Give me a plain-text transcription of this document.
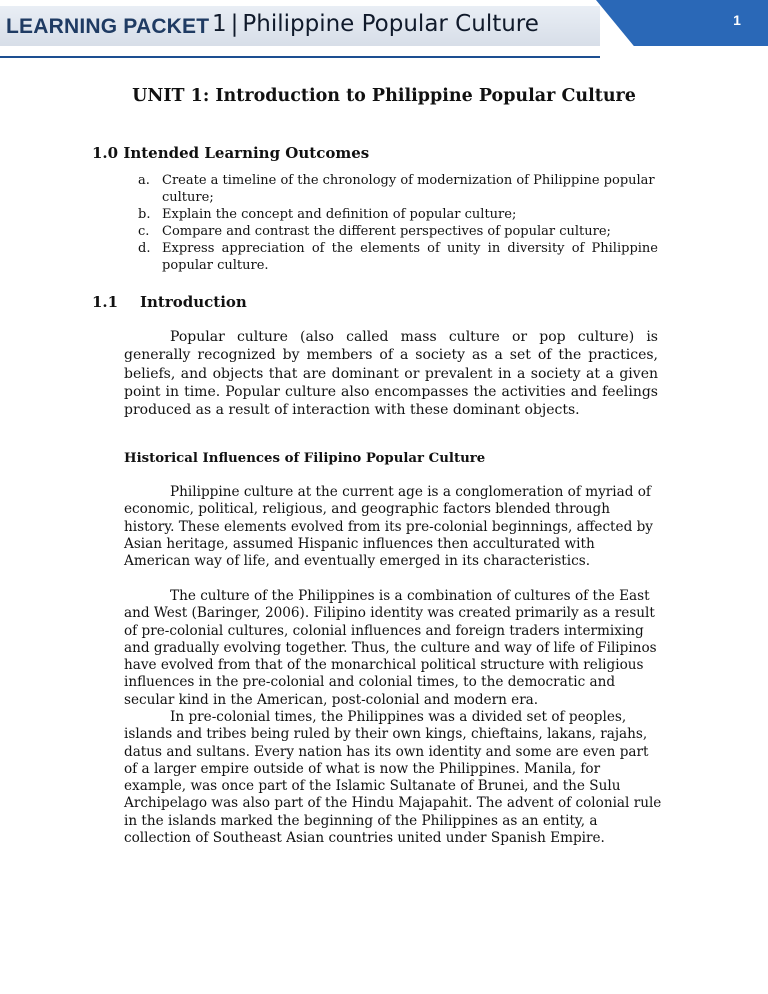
1
LEARNING PACKET 1 | Philippine Popular Culture
UNIT 1: Introduction to Philippine Popular Culture
1.0 Intended Learning Outcomes
a. Create a timeline of the chronology of modernization of Philippine popular culture;
b. Explain the concept and definition of popular culture;
c. Compare and contrast the different perspectives of popular culture;
d. Express appreciation of the elements of unity in diversity of Philippine popular culture.
1.1 Introduction

Popular culture (also called mass culture or pop culture) is generally recognized by members of a society as a set of the practices, beliefs, and objects that are dominant or prevalent in a society at a given point in time. Popular culture also encompasses the activities and feelings produced as a result of interaction with these dominant objects.

Historical Influences of Filipino Popular Culture

Philippine culture at the current age is a conglomeration of myriad of economic, political, religious, and geographic factors blended through history. These elements evolved from its pre-colonial beginnings, affected by Asian heritage, assumed Hispanic influences then acculturated with American way of life, and eventually emerged in its characteristics.

The culture of the Philippines is a combination of cultures of the East and West (Baringer, 2006). Filipino identity was created primarily as a result of pre-colonial cultures, colonial influences and foreign traders intermixing and gradually evolving together. Thus, the culture and way of life of Filipinos have evolved from that of the monarchical political structure with religious influences in the pre-colonial and colonial times, to the democratic and secular kind in the American, post-colonial and modern era.

In pre-colonial times, the Philippines was a divided set of peoples, islands and tribes being ruled by their own kings, chieftains, lakans, rajahs, datus and sultans. Every nation has its own identity and some are even part of a larger empire outside of what is now the Philippines. Manila, for example, was once part of the Islamic Sultanate of Brunei, and the Sulu Archipelago was also part of the Hindu Majapahit. The advent of colonial rule in the islands marked the beginning of the Philippines as an entity, a collection of Southeast Asian countries united under Spanish Empire.
